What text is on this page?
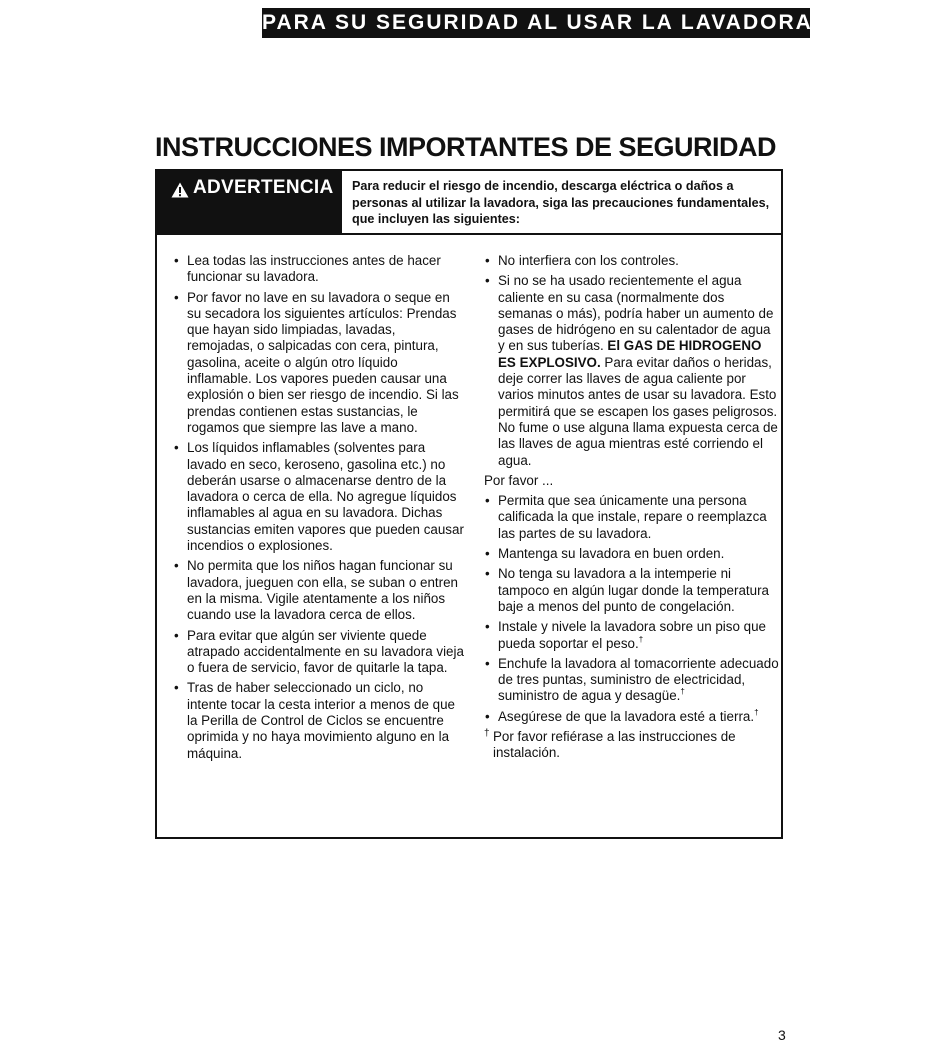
PARA SU SEGURIDAD AL USAR LA LAVADORA
INSTRUCCIONES IMPORTANTES DE SEGURIDAD
ADVERTENCIA Para reducir el riesgo de incendio, descarga eléctrica o daños a personas al utilizar la lavadora, siga las precauciones fundamentales, que incluyen las siguientes:
• Lea todas las instrucciones antes de hacer funcionar su lavadora.
• Por favor no lave en su lavadora o seque en su secadora los siguientes artículos: Prendas que hayan sido limpiadas, lavadas, remojadas, o salpicadas con cera, pintura, gasolina, aceite o algún otro líquido inflamable. Los vapores pueden causar una explosión o bien ser riesgo de incendio. Si las prendas contienen estas sustancias, le rogamos que siempre las lave a mano.
• Los líquidos inflamables (solventes para lavado en seco, keroseno, gasolina etc.) no deberán usarse o almacenarse dentro de la lavadora o cerca de ella. No agregue líquidos inflamables al agua en su lavadora. Dichas sustancias emiten vapores que pueden causar incendios o explosiones.
• No permita que los niños hagan funcionar su lavadora, jueguen con ella, se suban o entren en la misma. Vigile atentamente a los niños cuando use la lavadora cerca de ellos.
• Para evitar que algún ser viviente quede atrapado accidentalmente en su lavadora vieja o fuera de servicio, favor de quitarle la tapa.
• Tras de haber seleccionado un ciclo, no intente tocar la cesta interior a menos de que la Perilla de Control de Ciclos se encuentre oprimida y no haya movimiento alguno en la máquina.
• No interfiera con los controles.
• Si no se ha usado recientemente el agua caliente en su casa (normalmente dos semanas o más), podría haber un aumento de gases de hidrógeno en su calentador de agua y en sus tuberías. El GAS DE HIDROGENO ES EXPLOSIVO. Para evitar daños o heridas, deje correr las llaves de agua caliente por varios minutos antes de usar su lavadora. Esto permitirá que se escapen los gases peligrosos. No fume o use alguna llama expuesta cerca de las llaves de agua mientras esté corriendo el agua.
Por favor ...
• Permita que sea únicamente una persona calificada la que instale, repare o reemplazca las partes de su lavadora.
• Mantenga su lavadora en buen orden.
• No tenga su lavadora a la intemperie ni tampoco en algún lugar donde la temperatura baje a menos del punto de congelación.
• Instale y nivele la lavadora sobre un piso que pueda soportar el peso.†
• Enchufe la lavadora al tomacorriente adecuado de tres puntas, suministro de electricidad, suministro de agua y desagüe.†
• Asegúrese de que la lavadora esté a tierra.†
† Por favor refiérase a las instrucciones de instalación.
3
